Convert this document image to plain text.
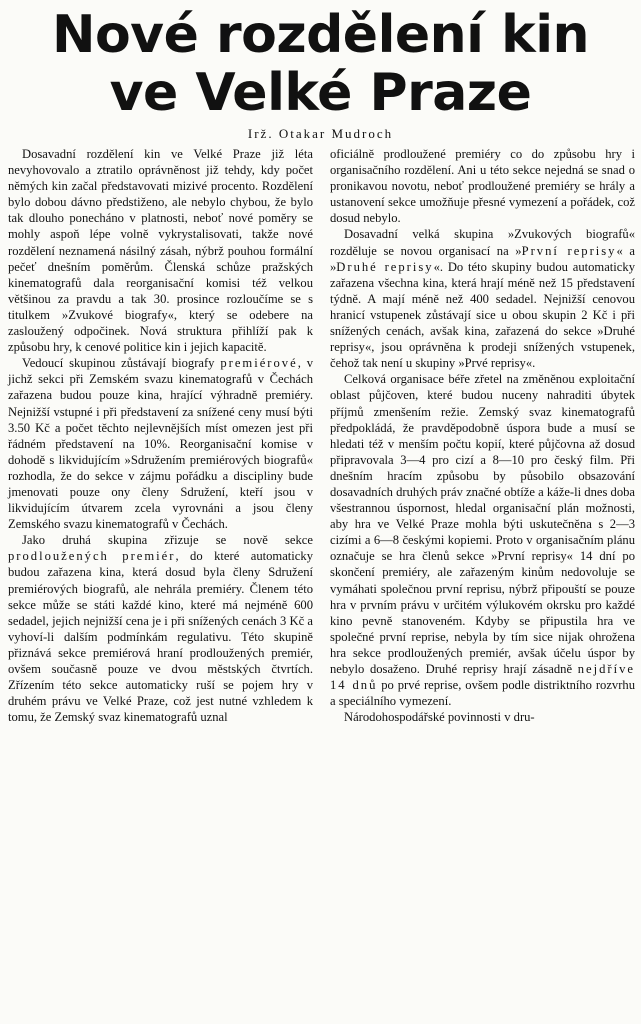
Nové rozdělení kin
ve Velké Praze
Irž. Otakar Mudroch

Dosavadní rozdělení kin ve Velké Praze již léta nevyhovovalo a ztratilo oprávněnost již tehdy, kdy počet němých kin začal představovati mizivé procento. Rozdělení bylo dobou dávno předstiženo, ale nebylo chybou, že bylo tak dlouho ponecháno v platnosti, neboť nové poměry se mohly aspoň lépe volně vykrystalisovati, takže nové rozdělení neznamená násilný zásah, nýbrž pouhou formální pečeť dnešním poměrům. Členská schůze pražských kinematografů dala reorganisační komisi též velkou většinou za pravdu a tak 30. prosince rozloučíme se s titulkem »Zvukové biografy«, který se odebere na zasloužený odpočinek. Nová struktura přihlíží pak k způsobu hry, k cenové politice kin i jejich kapacitě.

Vedoucí skupinou zůstávají biografy premiérové, v jichž sekci při Zemském svazu kinematografů v Čechách zařazena budou pouze kina, hrající výhradně premiéry. Nejnižší vstupné i při představení za snížené ceny musí býti 3.50 Kč a počet těchto nejlevnějších míst omezen jest při řádném představení na 10%. Reorganisační komise v dohodě s likvidujícím »Sdružením premiérových biografů« rozhodla, že do sekce v zájmu pořádku a discipliny bude jmenovati pouze ony členy Sdružení, kteří jsou v likvidujícím útvarem zcela vyrovnáni a jsou členy Zemského svazu kinematografů v Čechách.

Jako druhá skupina zřizuje se nově sekce prodloužených premiér, do které automaticky budou zařazena kina, která dosud byla členy Sdružení premiérových biografů, ale nehrála premiéry. Členem této sekce může se státi každé kino, které má nejméně 600 sedadel, jejich nejnižší cena je i při snížených cenách 3 Kč a vyhoví-li dalším podmínkám regulativu. Této skupině přiznává sekce premiérová hraní prodloužených premiér, ovšem současně pouze ve dvou městských čtvrtích. Zřízením této sekce automaticky ruší se pojem hry v druhém právu ve Velké Praze, což jest nutné vzhledem k tomu, že Zemský svaz kinematografů uznal

oficiálně prodloužené premiéry co do způsobu hry i organisačního rozdělení. Ani u této sekce nejedná se snad o pronikavou novotu, neboť prodloužené premiéry se hrály a ustanovení sekce umožňuje přesné vymezení a pořádek, což dosud nebylo.

Dosavadní velká skupina »Zvukových biografů« rozděluje se novou organisací na »První reprisy« a »Druhé reprisy«. Do této skupiny budou automaticky zařazena všechna kina, která hrají méně než 15 představení týdně. A mají méně než 400 sedadel. Nejnižší cenovou hranicí vstupenek zůstávají sice u obou skupin 2 Kč i při snížených cenách, avšak kina, zařazená do sekce »Druhé reprisy«, jsou oprávněna k prodeji snížených vstupenek, čehož tak není u skupiny »Prvé reprisy«.

Celková organisace béře zřetel na změněnou exploitační oblast půjčoven, které budou nuceny nahraditi úbytek příjmů zmenšením režie. Zemský svaz kinematografů předpokládá, že pravděpodobně úspora bude a musí se hledati též v menším počtu kopií, které půjčovna až dosud připravovala 3—4 pro cizí a 8—10 pro český film. Při dnešním hracím způsobu by působilo obsazování dosavadních druhých práv značné obtíže a káže-li dnes doba všestrannou úspornost, hledal organisační plán možnosti, aby hra ve Velké Praze mohla býti uskutečněna s 2—3 cizími a 6—8 českými kopiemi. Proto v organisačním plánu označuje se hra členů sekce »První reprisy« 14 dní po skončení premiéry, ale zařazeným kinům nedovoluje se vymáhati společnou první reprisu, nýbrž připouští se pouze hra v prvním právu v určitém výlukovém okrsku pro každé kino pevně stanoveném. Kdyby se připustila hra ve společné první reprise, nebyla by tím sice nijak ohrožena hra sekce prodloužených premiér, avšak účelu úspor by nebylo dosaženo. Druhé reprisy hrají zásadně nejdříve 14 dnů po prvé reprise, ovšem podle distriktního rozvrhu a speciálního vymezení.

Národohospodářské povinnosti v dru-
